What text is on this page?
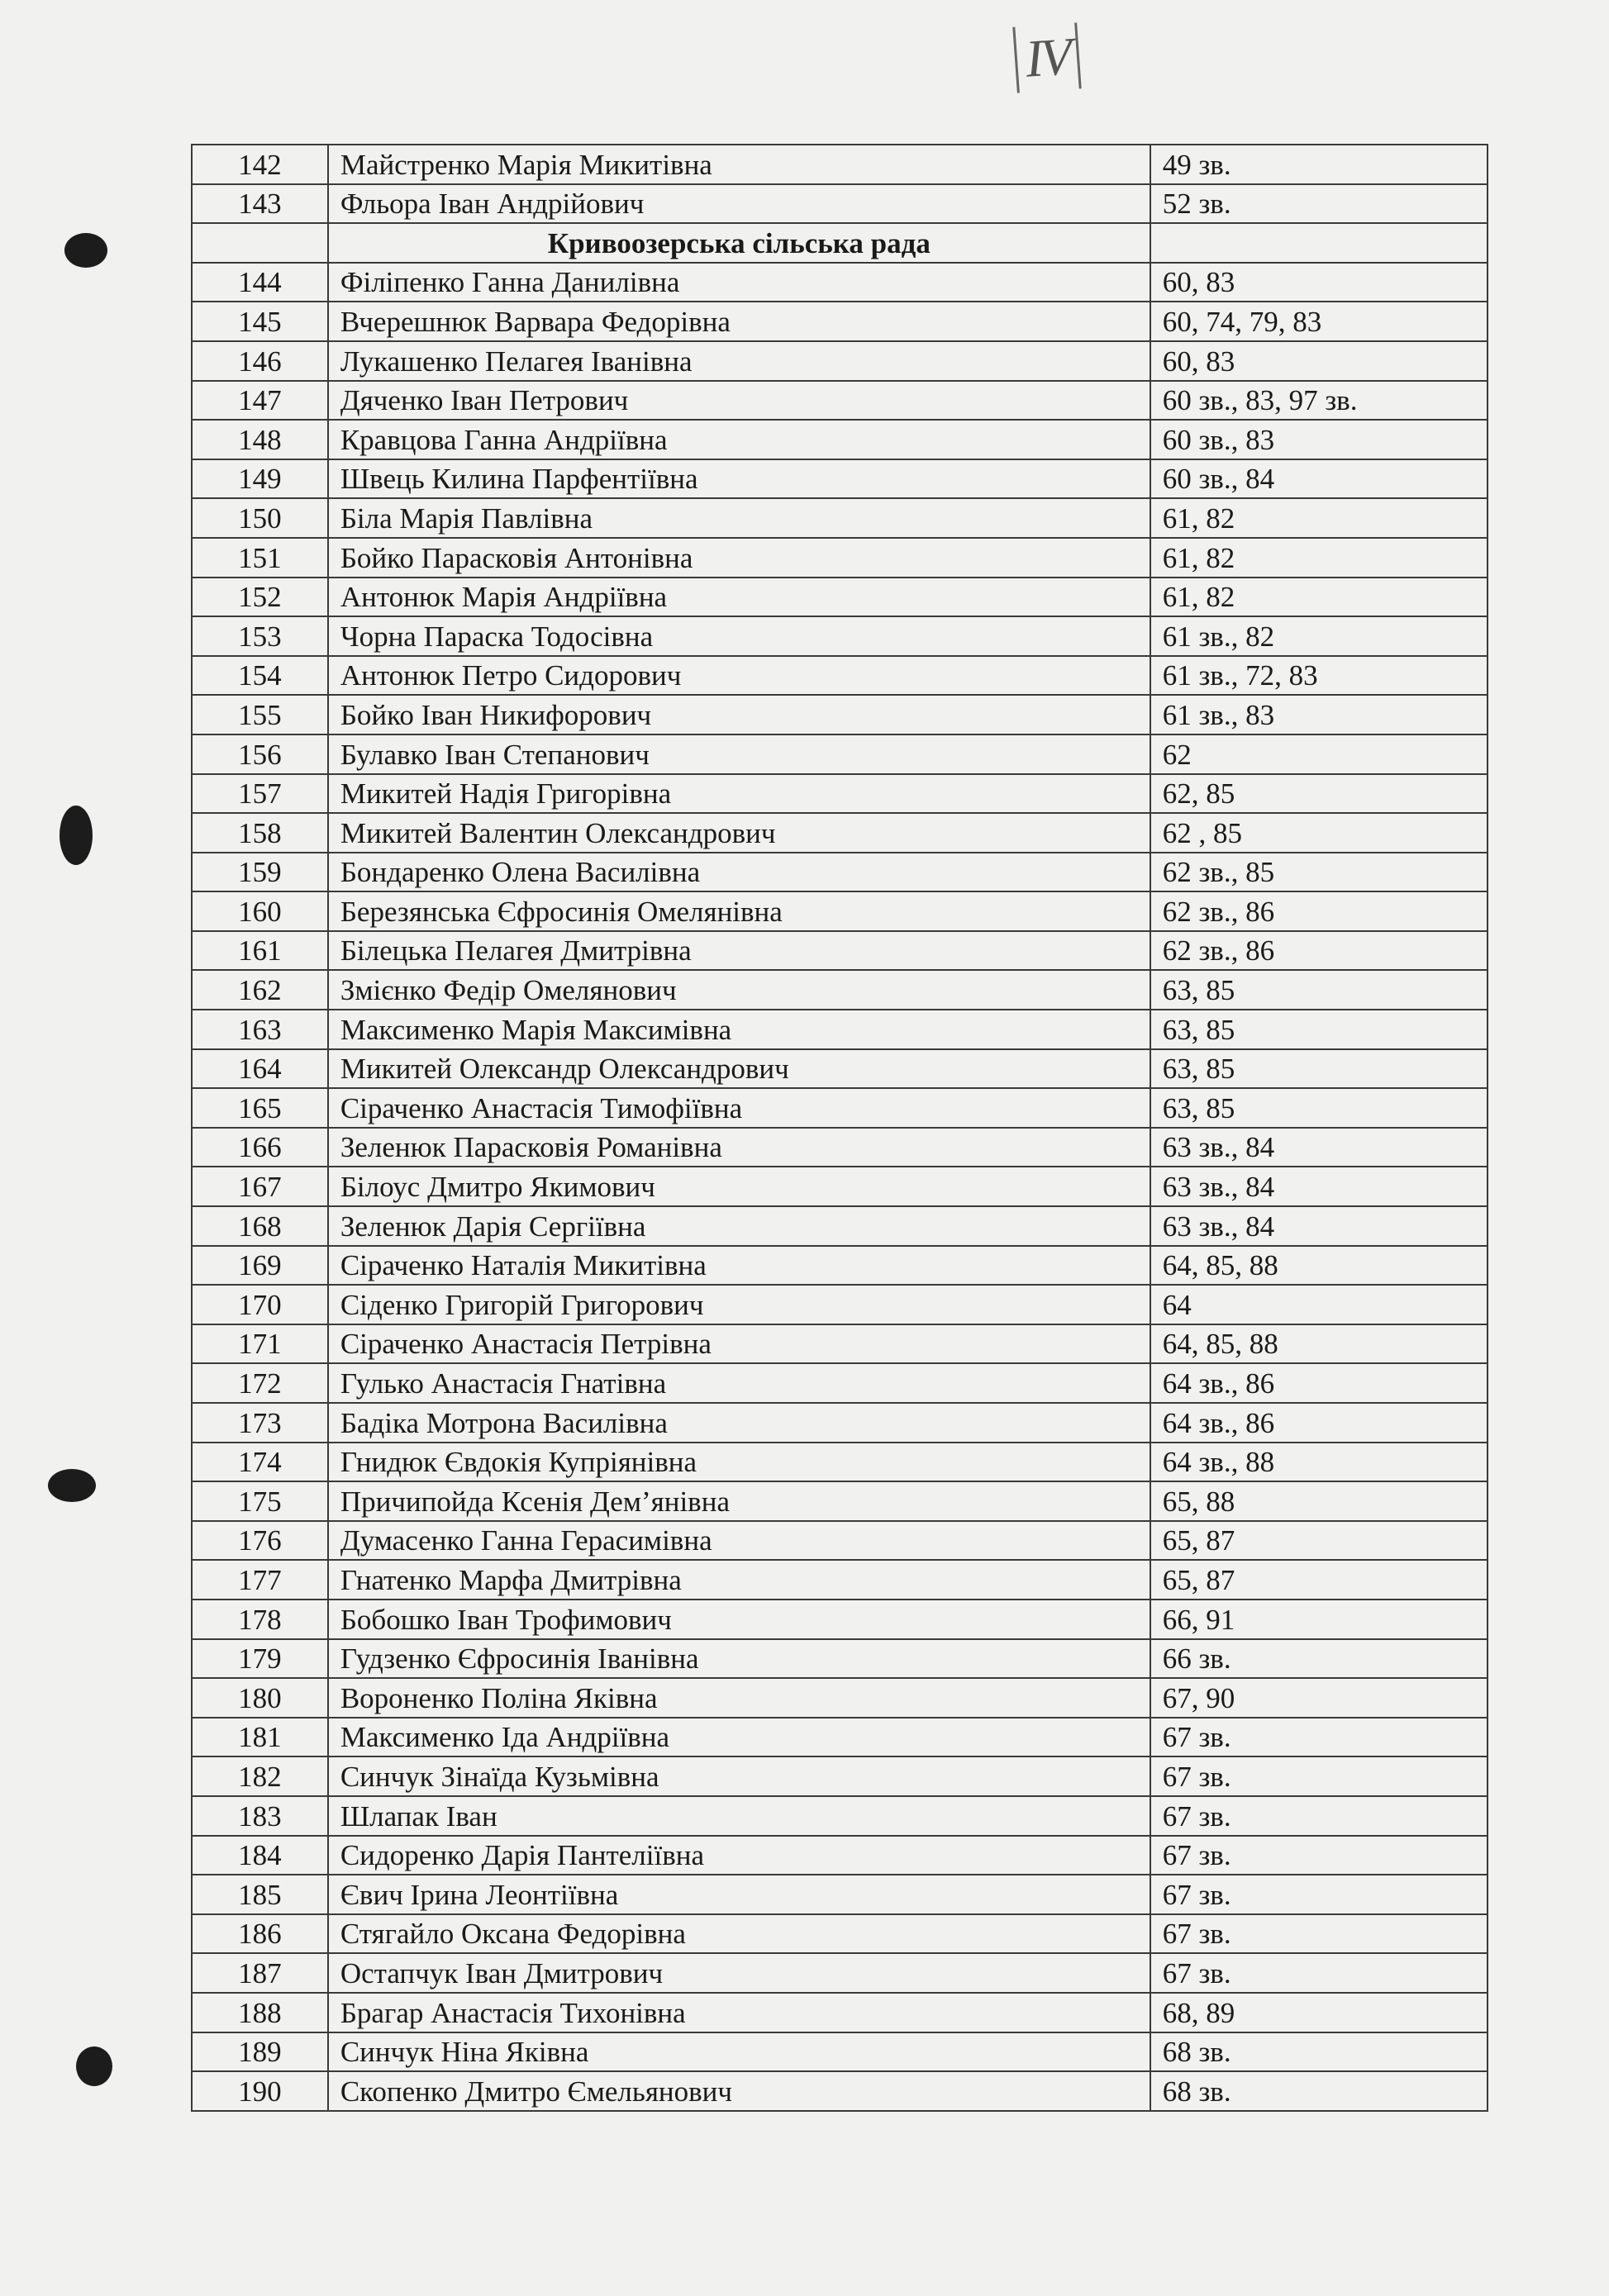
IV
142	Майстренко Марія Микитівна	49 зв.
143	Фльора Іван Андрійович	52 зв.
	Кривоозерська сільська рада	
144	Філіпенко Ганна Данилівна	60, 83
145	Вчерешнюк Варвара Федорівна	60, 74, 79, 83
146	Лукашенко Пелагея Іванівна	60, 83
147	Дяченко Іван Петрович	60 зв., 83, 97 зв.
148	Кравцова Ганна Андріївна	60 зв., 83
149	Швець Килина Парфентіївна	60 зв., 84
150	Біла Марія Павлівна	61, 82
151	Бойко Парасковія Антонівна	61, 82
152	Антонюк Марія Андріївна	61, 82
153	Чорна Параска Тодосівна	61 зв., 82
154	Антонюк Петро Сидорович	61 зв., 72, 83
155	Бойко Іван Никифорович	61 зв., 83
156	Булавко Іван Степанович	62
157	Микитей Надія Григорівна	62, 85
158	Микитей Валентин Олександрович	62 , 85
159	Бондаренко Олена Василівна	62 зв., 85
160	Березянська Єфросинія Омелянівна	62 зв., 86
161	Білецька Пелагея Дмитрівна	62 зв., 86
162	Змієнко Федір Омелянович	63, 85
163	Максименко Марія Максимівна	63, 85
164	Микитей Олександр Олександрович	63, 85
165	Сіраченко Анастасія Тимофіївна	63, 85
166	Зеленюк Парасковія Романівна	63 зв., 84
167	Білоус Дмитро Якимович	63 зв., 84
168	Зеленюк Дарія Сергіївна	63 зв., 84
169	Сіраченко Наталія Микитівна	64, 85, 88
170	Сіденко Григорій Григорович	64
171	Сіраченко Анастасія Петрівна	64, 85, 88
172	Гулько Анастасія Гнатівна	64 зв., 86
173	Бадіка Мотрона Василівна	64 зв., 86
174	Гнидюк Євдокія Купріянівна	64 зв., 88
175	Причипойда Ксенія Дем’янівна	65, 88
176	Думасенко Ганна Герасимівна	65, 87
177	Гнатенко Марфа Дмитрівна	65, 87
178	Бобошко Іван Трофимович	66, 91
179	Гудзенко Єфросинія Іванівна	66 зв.
180	Вороненко Поліна Яківна	67, 90
181	Максименко Іда Андріївна	67 зв.
182	Синчук Зінаїда Кузьмівна	67 зв.
183	Шлапак Іван	67 зв.
184	Сидоренко Дарія Пантеліївна	67 зв.
185	Євич Ірина Леонтіївна	67 зв.
186	Стягайло Оксана Федорівна	67 зв.
187	Остапчук Іван Дмитрович	67 зв.
188	Брагар Анастасія Тихонівна	68, 89
189	Синчук Ніна Яківна	68 зв.
190	Скопенко Дмитро Ємельянович	68 зв.
